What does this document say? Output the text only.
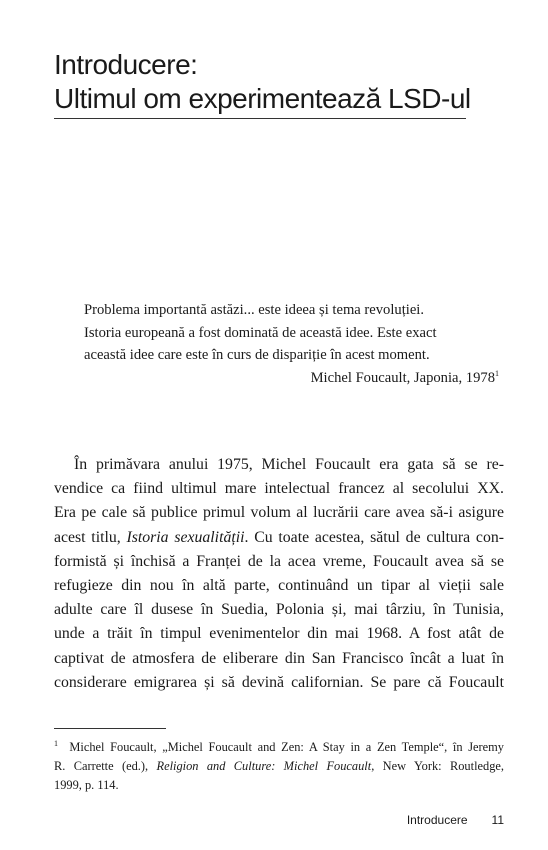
Introducere:
Ultimul om experimentează LSD-ul
Problema importantă astăzi... este ideea și tema revoluției.
Istoria europeană a fost dominată de această idee. Este exact
această idee care este în curs de dispariție în acest moment.
Michel Foucault, Japonia, 1978$^1$
În primăvara anului 1975, Michel Foucault era gata să se re-
vendice ca fiind ultimul mare intelectual francez al secolului XX.
Era pe cale să publice primul volum al lucrării care avea să-i asigure
acest titlu, Istoria sexualității. Cu toate acestea, sătul de cultura con-
formistă și închisă a Franței de la acea vreme, Foucault avea să se
refugieze din nou în altă parte, continuând un tipar al vieții sale
adulte care îl dusese în Suedia, Polonia și, mai târziu, în Tunisia,
unde a trăit în timpul evenimentelor din mai 1968. A fost atât de
captivat de atmosfera de eliberare din San Francisco încât a luat în
considerare emigrarea și să devină californian. Se pare că Foucault
$^1$ Michel Foucault, „Michel Foucault and Zen: A Stay in a Zen Temple“, în Jeremy
R. Carrette (ed.), Religion and Culture: Michel Foucault, New York: Routledge,
1999, p. 114.
Introducere 11
